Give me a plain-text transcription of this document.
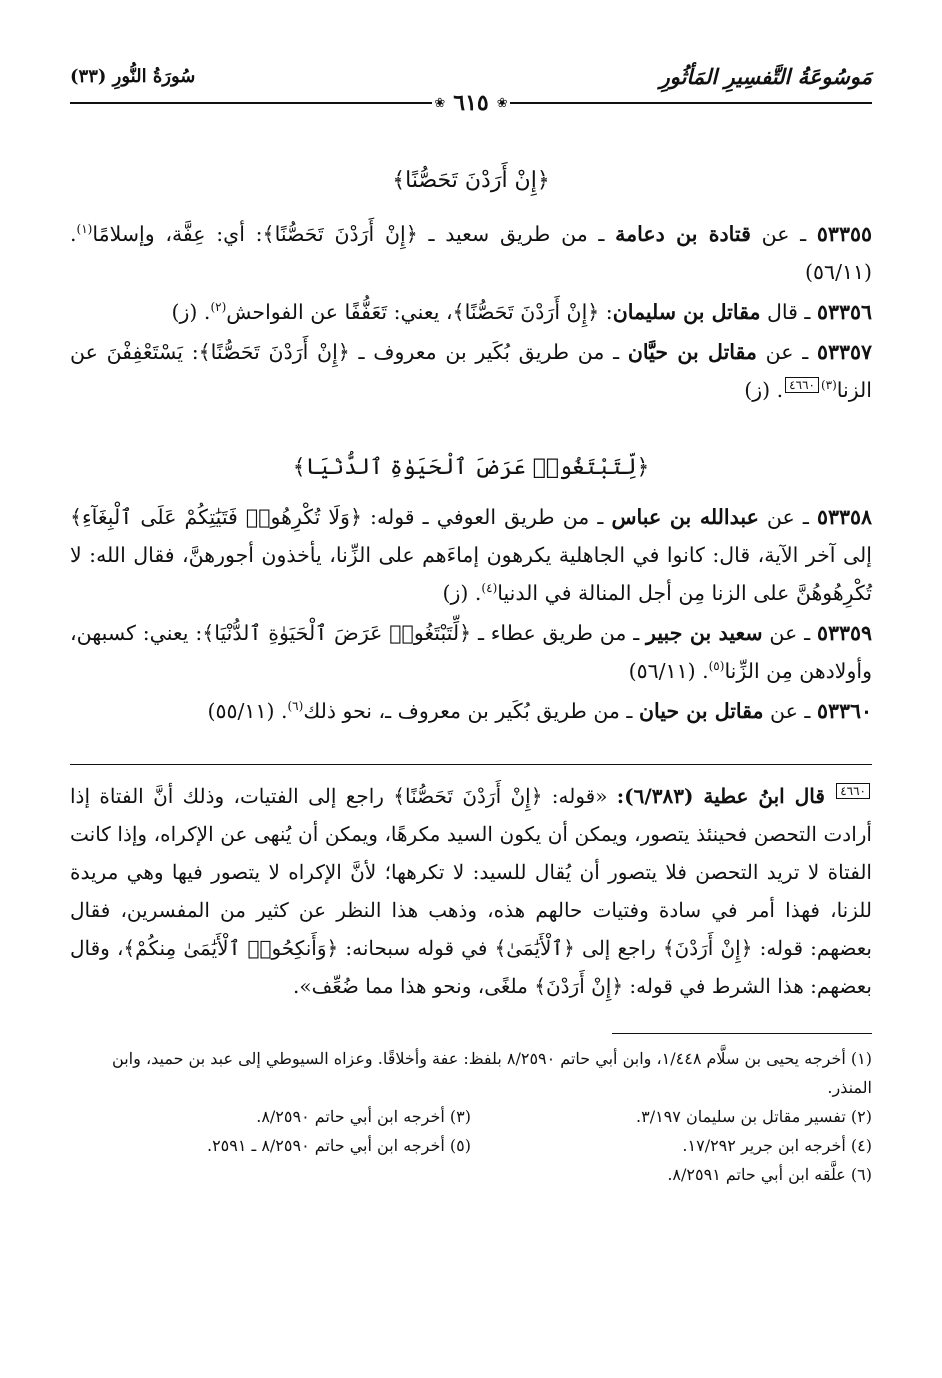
مَوسُوعَةُ التَّفسِيرِ المَأثُورِ
سُورَةُ النُّورِ (٣٣)
❀
٦١٥
❀
﴿إِنْ أَرَدْنَ تَحَصُّنًا﴾

٥٣٣٥٥ ـ عن قتادة بن دعامة ـ من طريق سعيد ـ ﴿إِنْ أَرَدْنَ تَحَصُّنًا﴾: أي: عِفَّة، وإسلامًا$^{(١)}$. (٥٦/١١)

٥٣٣٥٦ ـ قال مقاتل بن سليمان: ﴿إِنْ أَرَدْنَ تَحَصُّنًا﴾، يعني: تَعَفُّفًا عن الفواحش$^{(٢)}$. (ز)

٥٣٣٥٧ ـ عن مقاتل بن حيَّان ـ من طريق بُكَير بن معروف ـ ﴿إِنْ أَرَدْنَ تَحَصُّنًا﴾: يَسْتَعْفِفْنَ عن الزنا$^{(٣)}$٤٦٦٠. (ز)

﴿لِّتَبْتَغُوا۟ عَرَضَ ٱلْحَيَوٰةِ ٱلدُّنْيَا﴾

٥٣٣٥٨ ـ عن عبدالله بن عباس ـ من طريق العوفي ـ قوله: ﴿وَلَا تُكْرِهُوا۟ فَتَيَٰتِكُمْ عَلَى ٱلْبِغَآءِ﴾ إلى آخر الآية، قال: كانوا في الجاهلية يكرهون إماءَهم على الزِّنا، يأخذون أجورهنَّ، فقال الله: لا تُكْرِهُوهُنَّ على الزنا مِن أجل المنالة في الدنيا$^{(٤)}$. (ز)

٥٣٣٥٩ ـ عن سعيد بن جبير ـ من طريق عطاء ـ ﴿لِّتَبْتَغُوا۟ عَرَضَ ٱلْحَيَوٰةِ ٱلدُّنْيَا﴾: يعني: كسبهن، وأولادهن مِن الزِّنا$^{(٥)}$. (٥٦/١١)

٥٣٣٦٠ ـ عن مقاتل بن حيان ـ من طريق بُكَير بن معروف ـ، نحو ذلك$^{(٦)}$. (٥٥/١١)

٤٦٦٠ قال ابنُ عطية (٦/٣٨٣): «قوله: ﴿إِنْ أَرَدْنَ تَحَصُّنًا﴾ راجع إلى الفتيات، وذلك أنَّ الفتاة إذا أرادت التحصن فحينئذ يتصور، ويمكن أن يكون السيد مكرهًا، ويمكن أن يُنهى عن الإكراه، وإذا كانت الفتاة لا تريد التحصن فلا يتصور أن يُقال للسيد: لا تكرهها؛ لأنَّ الإكراه لا يتصور فيها وهي مريدة للزنا، فهذا أمر في سادة وفتيات حالهم هذه، وذهب هذا النظر عن كثير من المفسرين، فقال بعضهم: قوله: ﴿إِنْ أَرَدْنَ﴾ راجع إلى ﴿ٱلْأَيَٰمَىٰ﴾ في قوله سبحانه: ﴿وَأَنكِحُوا۟ ٱلْأَيَٰمَىٰ مِنكُمْ﴾، وقال بعضهم: هذا الشرط في قوله: ﴿إِنْ أَرَدْنَ﴾ ملغًى، ونحو هذا مما ضُعِّف».
(١) أخرجه يحيى بن سلَّام ١/٤٤٨، وابن أبي حاتم ٨/٢٥٩٠ بلفظ: عفة وأخلاقًا. وعزاه السيوطي إلى عبد بن حميد، وابن المنذر.
(٢) تفسير مقاتل بن سليمان ٣/١٩٧.
(٣) أخرجه ابن أبي حاتم ٨/٢٥٩٠.
(٤) أخرجه ابن جرير ١٧/٢٩٢.
(٥) أخرجه ابن أبي حاتم ٨/٢٥٩٠ ـ ٢٥٩١.
(٦) علَّقه ابن أبي حاتم ٨/٢٥٩١.
